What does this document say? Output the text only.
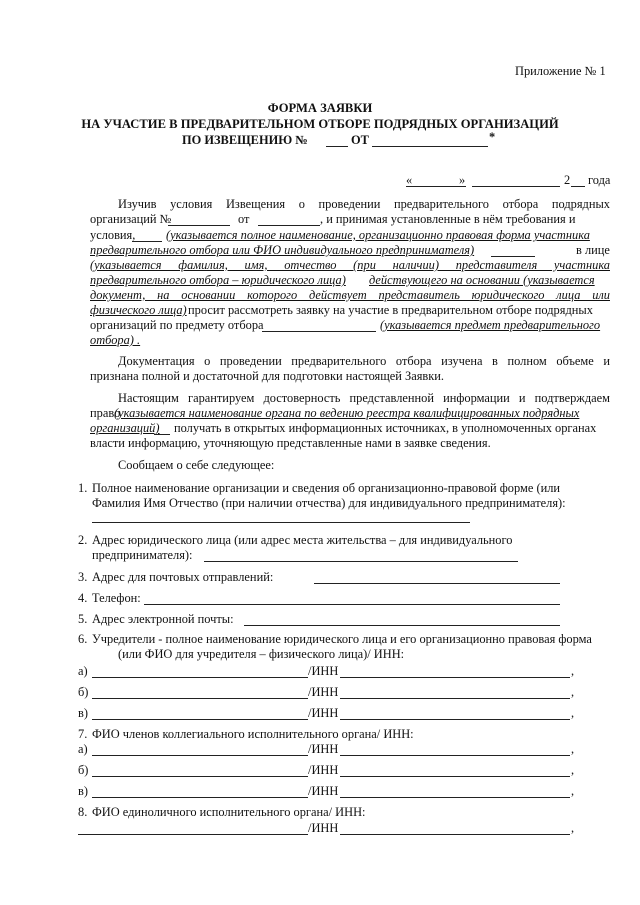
Приложение № 1
ФОРМА ЗАЯВКИ
НА УЧАСТИЕ В ПРЕДВАРИТЕЛЬНОМ ОТБОРЕ ПОДРЯДНЫХ ОРГАНИЗАЦИЙ
ПО ИЗВЕЩЕНИЮ №	ОТ	*
«	»	2 года
Изучив условия Извещения о проведении предварительного отбора подрядных
организаций №	от	, и принимая установленные в нём требования и
условия, (указывается полное наименование, организационно правовая форма участника
предварительного отбора или ФИО индивидуального предпринимателя)	в лице
(указывается фамилия, имя, отчество (при наличии) представителя участника
предварительного отбора – юридического лица) действующего на основании (указывается
документ, на основании которого действует представитель юридического лица или
физического лица) просит рассмотреть заявку на участие в предварительном отборе подрядных
организаций по предмету отбора	(указывается предмет предварительного
отбора) .
Документация о проведении предварительного отбора изучена в полном объеме и
признана полной и достаточной для подготовки настоящей Заявки.
Настоящим гарантируем достоверность представленной информации и подтверждаем
право
(указывается наименование органа по ведению реестра квалифицированных подрядных
организаций) получать в открытых информационных источниках, в уполномоченных органах
власти информацию, уточняющую представленные нами в заявке сведения.
Сообщаем о себе следующее:
1. Полное наименование организации и сведения об организационно-правовой форме (или
Фамилия Имя Отчество (при наличии отчества) для индивидуального предпринимателя):
2. Адрес юридического лица (или адрес места жительства – для индивидуального
предпринимателя):
3. Адрес для почтовых отправлений:
4. Телефон:
5. Адрес электронной почты:
6. Учредители - полное наименование юридического лица и его организационно правовая форма
(или ФИО для учредителя – физического лица)/ ИНН:
а)	/ИНН	,
б)	/ИНН	,
в)	/ИНН	,
7. ФИО членов коллегиального исполнительного органа/ ИНН:
а)	/ИНН	,
б)	/ИНН	,
в)	/ИНН	,
8. ФИО единоличного исполнительного органа/ ИНН:
/ИНН	,
